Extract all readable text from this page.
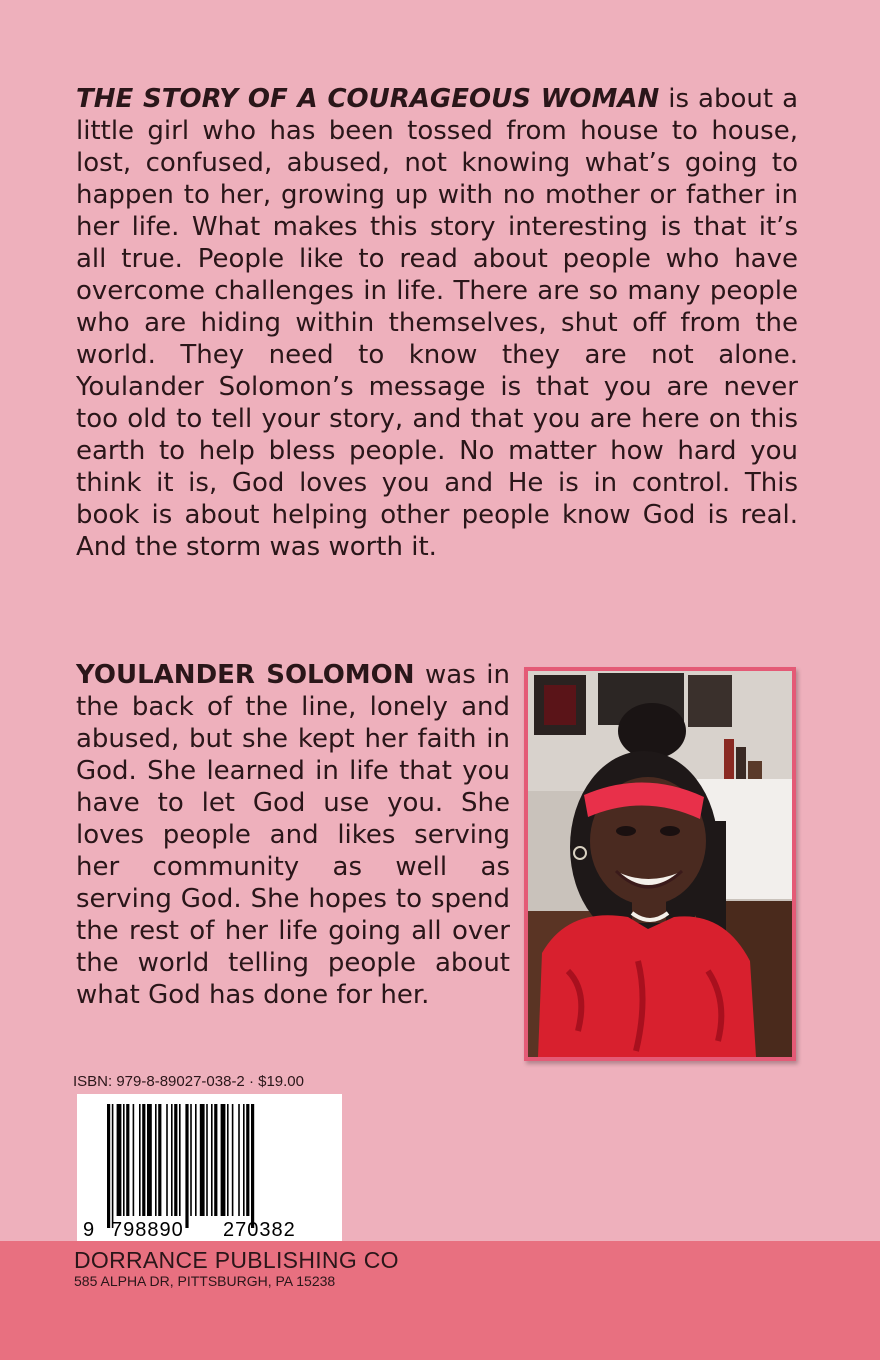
THE STORY OF A COURAGEOUS WOMAN is about a little girl who has been tossed from house to house, lost, confused, abused, not knowing what’s going to happen to her, growing up with no mother or father in her life. What makes this story interesting is that it’s all true. People like to read about people who have overcome challenges in life. There are so many people who are hiding within themselves, shut off from the world. They need to know they are not alone. Youlander Solomon’s message is that you are never too old to tell your story, and that you are here on this earth to help bless people. No matter how hard you think it is, God loves you and He is in control. This book is about helping other people know God is real. And the storm was worth it.

YOULANDER SOLOMON was in the back of the line, lonely and abused, but she kept her faith in God. She learned in life that you have to let God use you. She loves people and likes serving her community as well as serving God. She hopes to spend the rest of her life going all over the world telling people about what God has done for her.

ISBN: 979-8-89027-038-2 · $19.00
9 798890 270382
DORRANCE PUBLISHING CO
585 ALPHA DR, PITTSBURGH, PA 15238
